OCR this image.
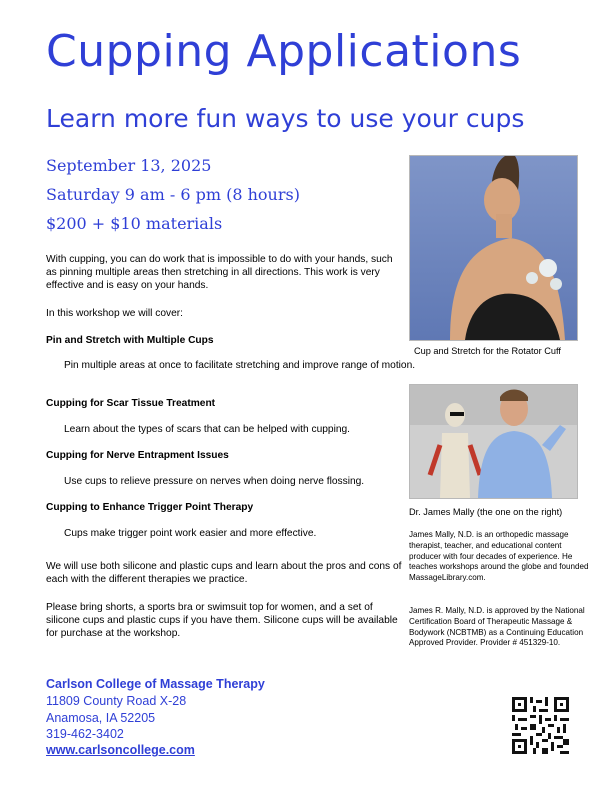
Cupping Applications
Learn more fun ways to use your cups
September 13, 2025
Saturday 9 am - 6 pm (8 hours)
$200 + $10 materials
With cupping, you can do work that is impossible to do with your hands, such as pinning multiple areas then stretching in all directions. This work is very effective and is easy on your hands.
In this workshop we will cover:
Pin and Stretch with Multiple Cups
Pin multiple areas at once to facilitate stretching and improve range of motion.
Cupping for Scar Tissue Treatment
Learn about the types of scars that can be helped with cupping.
Cupping for Nerve Entrapment Issues
Use cups to relieve pressure on nerves when doing nerve flossing.
Cupping to Enhance Trigger Point Therapy
Cups make trigger point work easier and more effective.
We will use both silicone and plastic cups and learn about the pros and cons of each with the different therapies we practice.
Please bring shorts, a sports bra or swimsuit top for women, and a set of silicone cups and plastic cups if you have them. Silicone cups will be available for purchase at the workshop.
Cup and Stretch for the Rotator Cuff
Dr. James Mally (the one on the right)
James Mally, N.D. is an orthopedic massage therapist, teacher, and educational content producer with four decades of experience. He teaches workshops around the globe and founded MassageLibrary.com.
James R. Mally, N.D. is approved by the National Certification Board of Therapeutic Massage & Bodywork (NCBTMB) as a Continuing Education Approved Provider. Provider # 451329-10.
Carlson College of Massage Therapy
11809 County Road X-28
Anamosa, IA 52205
319-462-3402
www.carlsoncollege.com
